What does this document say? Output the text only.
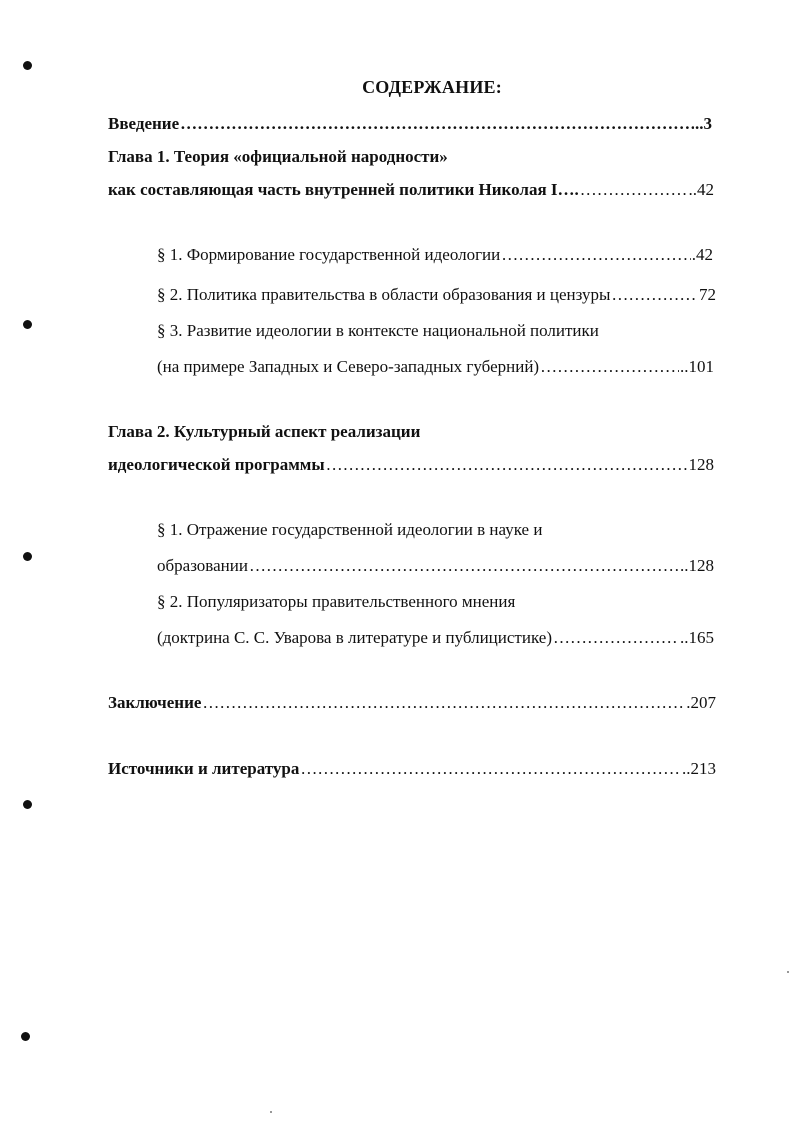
СОДЕРЖАНИЕ:
Введение ……………………………………………………………………………………………………………………………………………………………………………………………………………………	..3
Глава 1. Теория «официальной народности»
как составляющая часть внутренней политики Николая I…. ……………………………………………………………………………………………………………………………………………………………………………………………………………………	..42
§ 1. Формирование государственной идеологии ……………………………………………………………………………………………………………………………………………………………………………………………………………………	.42
§ 2. Политика правительства в области образования и цензуры ……………………………………………………………………………………………………………………………………………………………………………………………………………………	72
§ 3. Развитие идеологии в контексте национальной политики
(на примере Западных и Северо-западных губерний) ……………………………………………………………………………………………………………………………………………………………………………………………………………………	..101
Глава 2. Культурный аспект реализации
идеологической программы ……………………………………………………………………………………………………………………………………………………………………………………………………………………	128
§ 1. Отражение государственной идеологии в науке и
образовании ……………………………………………………………………………………………………………………………………………………………………………………………………………………	..128
§ 2. Популяризаторы правительственного мнения
(доктрина С. С. Уварова в литературе и публицистике) ……………………………………………………………………………………………………………………………………………………………………………………………………………………	..165
Заключение ……………………………………………………………………………………………………………………………………………………………………………………………………………………	.207
Источники и литература ……………………………………………………………………………………………………………………………………………………………………………………………………………………	..213
